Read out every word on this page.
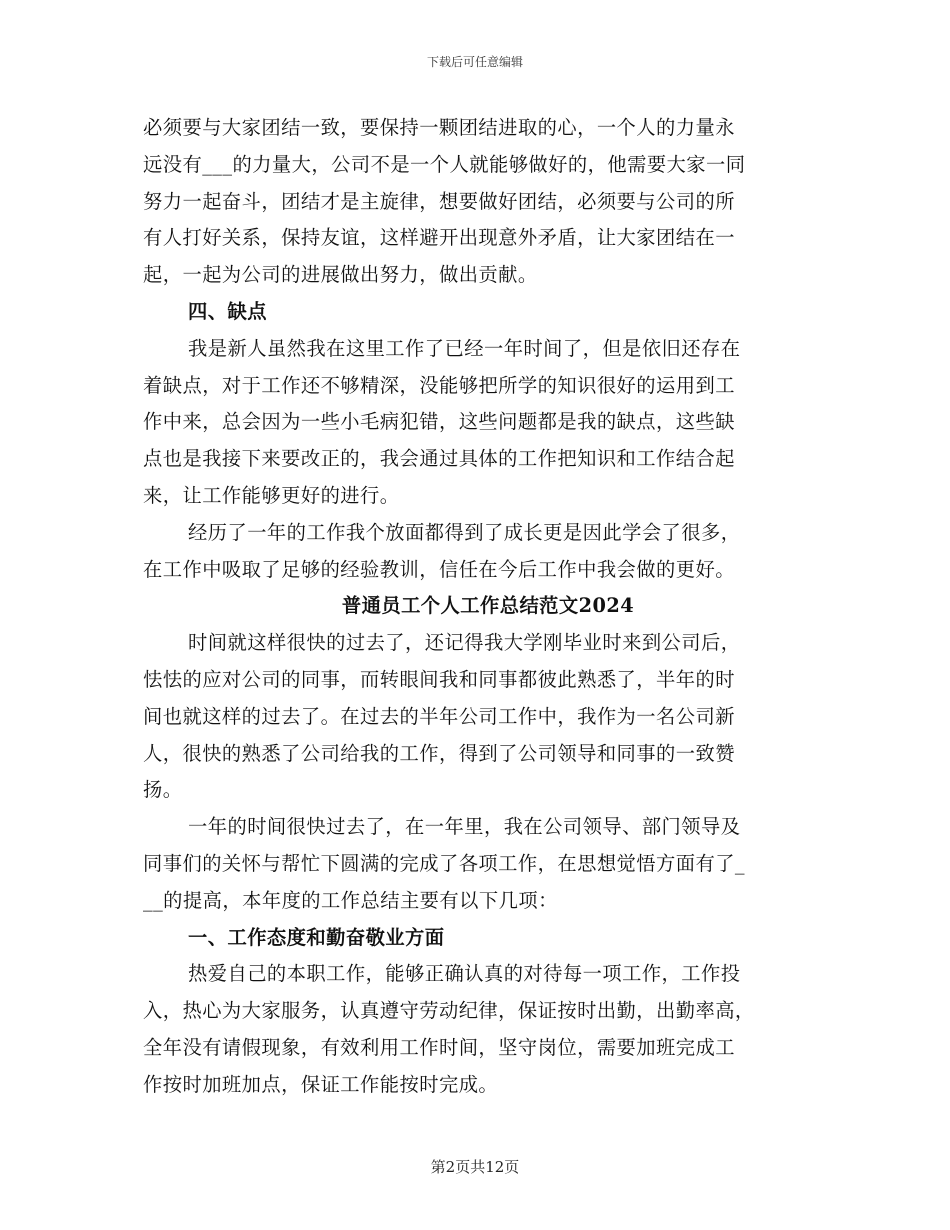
下载后可任意编辑
必须要与大家团结一致，要保持一颗团结进取的心，一个人的力量永
远没有___的力量大，公司不是一个人就能够做好的，他需要大家一同
努力一起奋斗，团结才是主旋律，想要做好团结，必须要与公司的所
有人打好关系，保持友谊，这样避开出现意外矛盾，让大家团结在一
起，一起为公司的进展做出努力，做出贡献。
四、缺点
我是新人虽然我在这里工作了已经一年时间了，但是依旧还存在
着缺点，对于工作还不够精深，没能够把所学的知识很好的运用到工
作中来，总会因为一些小毛病犯错，这些问题都是我的缺点，这些缺
点也是我接下来要改正的，我会通过具体的工作把知识和工作结合起
来，让工作能够更好的进行。
经历了一年的工作我个放面都得到了成长更是因此学会了很多，
在工作中吸取了足够的经验教训，信任在今后工作中我会做的更好。
普通员工个人工作总结范文2024
时间就这样很快的过去了，还记得我大学刚毕业时来到公司后，
怯怯的应对公司的同事，而转眼间我和同事都彼此熟悉了，半年的时
间也就这样的过去了。在过去的半年公司工作中，我作为一名公司新
人，很快的熟悉了公司给我的工作，得到了公司领导和同事的一致赞
扬。
一年的时间很快过去了，在一年里，我在公司领导、部门领导及
同事们的关怀与帮忙下圆满的完成了各项工作，在思想觉悟方面有了_
__的提高，本年度的工作总结主要有以下几项：
一、工作态度和勤奋敬业方面
热爱自己的本职工作，能够正确认真的对待每一项工作，工作投
入，热心为大家服务，认真遵守劳动纪律，保证按时出勤，出勤率高，
全年没有请假现象，有效利用工作时间，坚守岗位，需要加班完成工
作按时加班加点，保证工作能按时完成。
第2页共12页
